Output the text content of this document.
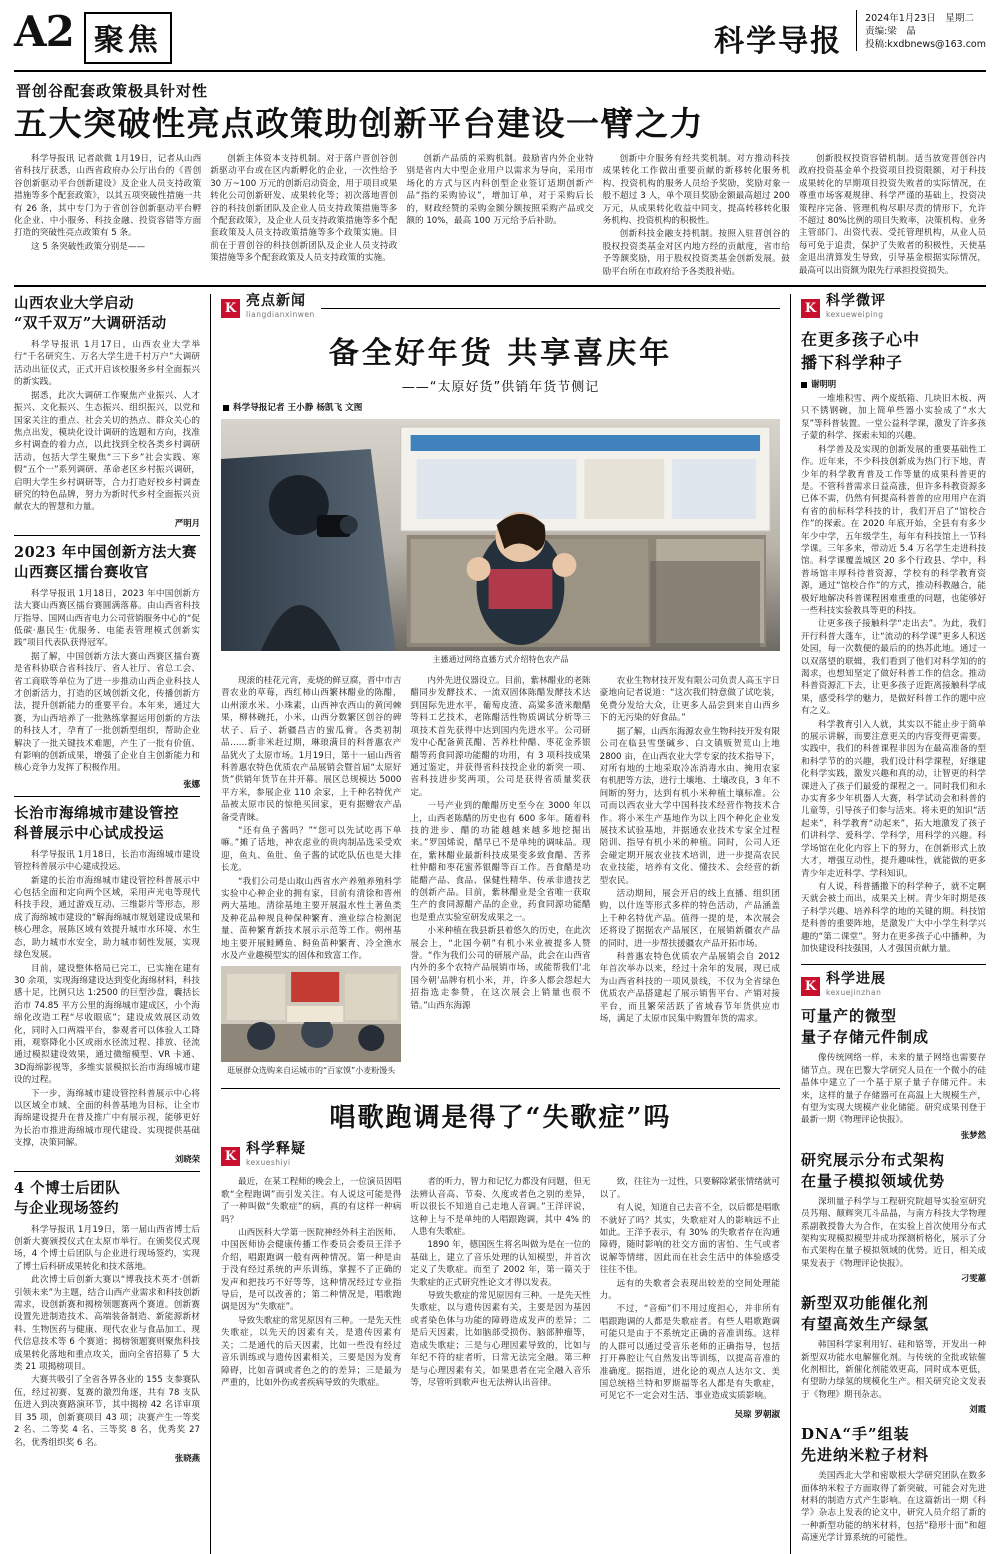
A2 聚焦	科学导报
2024年1月23日　星期二
责编:梁　晶
投稿:kxdbnews@163.com
晋创谷配套政策极具针对性
五大突破性亮点政策助创新平台建设一臂之力

科学导报讯 记者歆微 1月19日，记者从山西省科技厅获悉，山西省政府办公厅出台的《晋创谷创新驱动平台创新建设》及企业人员支持政策措施等多个配套政策》，以其五项突破性措施一共有 26 条，其中专门为于省创谷创新驱动平台孵化企业、中小服务、科技金融、投资容错等方面打造的突破性亮点政策有 5 条。

这 5 条突破性政策分别是——

创新主体资本支持机制。对于落户晋创谷创新驱动平台或在区内新孵化的企业，一次性给予 30 万~100 万元的创新启动资金，用于项目或果转化公司创新研发、成果转化等；初次落地晋创谷的科技创新团队及企业人员支持政策措施等多个配套政策》，及企业人员支持政策措施等多个配套政策及人员支持政策措施等多个政策实施。目前在于晋创谷的科技创新团队及企业人员支持政策措施等多个配套政策及人员支持政策的实施。

创新产品质的采购机制。鼓励省内外企业特别是省内大中型企业用户以需求为导向，采用市场化的方式与区内科创型企业签订适期创新产品“指约采购协议”，增加订单，对于采购后长的，财政经赞的采购金额分额按照采购产品或交额的 10%，最高 100 万元给予后补助。

创新中介服务有经共奖机制。对方推动科技成果转化工作做出重要贡献的新移转化服务机构、投资机构的服务人员给予奖励，奖励对象一般不超过 3 人，单个项目奖励金额最高超过 200 万元，从成果转化收益中同支，提高转移转化服务机构、投资机构的积极性。

创新科技金融支持机制。按照入驻晋创谷的股权投资类基金对区内地方经的贡献度，省市给予等额奖励，用于股权投资类基金创新发展。鼓励平台所在市政府给予各类股补贴。

创新股权投资容错机制。适当放宽晋创谷内政府投资基金单个投资项目投资限额，对于科技成果转化的早期项目投资失败者的实际情况，在尊重市场客观规律、科学严谨的基础上，投资决策程序完备、管理机构尽职尽责的情形下，允许不超过 80%比例的项目失败率，决策机构、业务主管部门、出资代表、受托管理机构，从业人员每可免于追责，保护了失败者的积极性，天使基金退出清算发生导致，引导基金根据实际情况，最高可以出资额为限先行承担投资损失。

山西农业大学启动
“双千双万”大调研活动

科学导报讯 1月17日，山西农业大学举行“千名研究生、万名大学生进千村万户”大调研活动出征仪式，正式开启该校服务乡村全面振兴的新实践。

据悉，此次大调研工作聚焦产业振兴、人才振兴、文化振兴、生态振兴、组织振兴，以党和国家关注的重点、社会关切的热点、群众关心的焦点出发，模块化设计调研的选题和方向，找准乡村调查的着力点，以此找到全校各类乡村调研活动，包括大学生聚焦“三下乡”社会实践、寒假“五个一”系列调研、革命老区乡村振兴调研，启明大学生乡村调研等，合力打造好校乡村调查研究的特色品牌，努力为新时代乡村全面振兴贡献农大的智慧和力量。

严明月
2023 年中国创新方法大赛
山西赛区擂台赛收官

科学导报讯 1月18日，2023 年中国创新方法大赛山西赛区擂台赛圆满落幕。由山西省科技厅指导、国网山西省电力公司营销服务中心的“促低碳·惠民生·优服务、电能表管理模式创新实践”项目代表队获得冠军。

据了解，中国创新方法大赛山西赛区擂台赛是省科协联合省科技厅、省人社厅、省总工会、省工商联等单位为了进一步推动山西企业科技人才创新活力，打造的区域创新文化，传播创新方法，提升创新能力的重要平台。本年来，通过大赛，为山西培养了一批熟练掌握运用创新的方法的科技人才，孕育了一批创新型组织，帮助企业解决了一批关键技术难题，产生了一批有价值、有影响的创新成果，增强了企业自主创新能力和核心竞争力发挥了积极作用。

张娜
长治市海绵城市建设管控
科普展示中心试成投运

科学导报讯 1月18日，长治市海绵城市建设管控科普展示中心建成投运。

新建的长治市海绵城市建设管控科普展示中心包括全面和定向两个区域，采用声光电等现代科技手段，通过游戏互动、三维影片等形态，形成了海绵城市建设的“解海绵城市规划建设成果和核心理念，展陈区域有效提升城市水环境、水生态，助力城市水安全，助力城市韧性发展，实现绿色发展。

目前，建设整体格局已完工，已实施在建有30 余项，实现海绵建设达到变化海绵材料，科技感十足，比例只达 1:2500 的巨型沙盘，囊括长治市 74.85 平方公里的海绵城市建成区，小个海绵化改造工程“尽收眼底”；建设成效展区动效化，同时入口两端平台，参观者可以体验人工降雨，观察降化小区或雨水径流过程、排放、径流通过模拟建设效果，通过微缩模型、VR 卡通、3D海绵影视等，多维实景模拟长治市海绵城市建设的过程。

下一步，海绵城市建设管控科普展示中心将以区域全市域、全面的科普基地为目标，让全市海绵建设提升在普及推广中有展示视，能够更好为长治市推进海绵城市现代建设、实现提供基础支撑，决策同解。

刘晓荣
4 个博士后团队
与企业现场签约

科学导报讯 1月19日，第一届山西省博士后创新大赛颁授仪式在太原市举行。在颁奖仪式现场，4 个博士后团队与企业进行现场签约，实现了博士后科研成果转化和技术落地。

此次博士后创新大赛以“博我技术英才·创新引领未来”为主题，结合山西产业需求和科技创新需求，设创新赛和揭榜领题赛两个赛道。创新赛设置先进制造技术、高端装备制造、新能源新材料、生物医药与健康、现代农业与食品加工、现代信息技术等 6 个赛道；揭榜领题赛则聚焦科技成果转化落地和重点攻关，面向全省招募了 5 大类 21 项揭榜项目。

大赛共吸引了全省各界各业的 155 支参赛队伍，经过初赛、复赛的激烈角逐，共有 78 支队伍进入到决赛路演环节，其中揭榜 42 名详审项目 35 项，创新赛项目 43 项；决赛产生一等奖 2 名、二等奖 4 名、三等奖 8 名，优秀奖 27 名，优秀组织奖 6 名。

张晓燕
K 亮点新闻
liangdianxinwen
备全好年货 共享喜庆年
——“太原好货”供销年货节侧记
科学导报记者 王小静 杨凯飞 文图
主播通过网络直播方式介绍特色农产品

现滚的桂花元宵，麦烧的鲜豆腐，晋中市吉晋农业的草莓，西红柿山西繁林醋业的陈醋，山州滚水米、小珠素，山西神农西山的黄闰棘果，柳林碗托，小米，山西分数繁区创谷的碑状子、后子、新疆昌吉的蜜瓜膏。各类初制品……新非米赶过期，琳琅满目的科普惠农产品犹火了太原市场。1月19日，第十一届山西省科普惠农特色优质农产品展销会暨首届“太原好货”供销年货节在井开幕。展区总规模达 5000 平方米，参展企业 110 余家，上千种名特优产品被太原市民的惊艳买回家，更有据赠农产品备受青睐。

“还有鱼子酱吗？”“您可以先试吃再下单嘛。”摊了话地，神农虑业的贵肉制品选采受欢迎，鱼丸、鱼肚、鱼子酱的试吃队伍也是大排长龙。

“我们公司是山取山西省水产养殖养殖科学实验中心种企业的拥有家，目前有清徐和晋州两大基地。清徐基地主要开展温水性土著鱼类及种花品种规良种保种繁育、渔业综合检测泥量、苗种繁育新技术展示示范等工作。朔州基地主要开展鲑鳟鱼、鲟鱼苗种繁育、冷全渔水水及产业趣模型实的固体和致富工作。

逛展群众选购来自运城市的“百家馍”小麦粉馒头

内外先进仪器设立。目前，紫林醋业的老陈醋同步发酵技术、一流双固体陈醋发酵技术达到国际先进水平，葡萄皮渣、高粱多渣米酿醋等料工艺技术，老陈醋活性物质调试分析等三项技术首先获得中达到国内先进水平。公司研发中心配备黄芪醋、苦养杜仲醋、枣花金荞银醋等药食同源功能醋的功用，有 3 项科技成果通过鉴定，并获得省科技投企业的新突一项、省科技进步奖两项，公司是获得省质量奖获定。

一号产业到的酿醋历史至今在 3000 年以上，山西老陈醋的历史也有 600 多年。随着科技的进步、醋的功能越越来越多地挖掘出来。”罗国烯说，醋早已不是单纯的调味品。现在，紫林醋业最新科技成果变多致食醋、苦荞杜仲醋和枣花蜜荞银醋等百工作。吾食醋是功能醋产品、食品、保健性精华、传承非遗技艺的创新产品。目前，紫林醋业是全省唯一获取生产的食同源醋产品的企业，药食同源功能醋也是重点实验室研发成果之一。

小米种植在我县新县着悠久的历史，在此次展会上，“北国今朝”有机小米业被提多人赞誉。“作为我们公司的研展产品，此会在山西省内外的多个农特产品展销市场，或能帮我们‘北国今朝’品牌有机小米，并，许多人都会怨起大招指选走参赞，在这次展会上销量也很不错。”山西东海源

农业生物材技开发有限公司负责人高玉宇日豪地向记者说道：“这次我们特意做了试吃装，免费分发给大众，让更多人品尝到来自山西乡下的无污染的好食品。”

据了解，山西东海源农业生物科技开发有限公司在临县雪堡碱乡、白文镇贩贺荒山上地 2800 亩，在山西农业大学专家的技术指导下，对所有地的土地采取冷冻消毒水由、掩用农家有机肥等方法，进行土壤地、土壤改良，3 年不间断的努力，达到有机小米种植土壤标准。公司而以西农业大学中国科技术经营作物技术合作。将小米生产基地作为以上四个种化企业发展技术试验基地，并据通农业技术专家全过程陪训、指导有机小米的种植。同时，公司人还会碰定期开展农业技术培训，进一步提高农民农业技能，培养有文化、懂技术、会经营的新型农民。

活动期间，展会开启的线上直播、组织团购，以什连等形式多样的特色活动，产品涵盖上千种名特优产品。值得一提的是，本次展会还将设了据据农产品展区，在展销新疆农产品的同时，进一步帮扶援疆农产品开拓市场。

科普惠农特色优质农产品展销会自 2012 年首次举办以来，经过十余年的发展，现已成为山西省科技的一项风景线，不仅为全省绿色优质农产品搭建起了展示销售平台、产销对接平台，而且繁荣活跃了省域春节年货供应市场，满足了太原市民集中购置年货的需求。

唱歌跑调是得了“失歌症”吗
K 科学释疑
kexueshiyi

最近，在某工程师的晚会上，一位演员因唱歌“全程跑调”而引发关注。有人说这可能是得了一种叫做“失歌症”的病，真的有这样一种病吗？

山西医科大学第一医院神经外科主治医师、中国医师协会健康传播工作委员会委员王洋予介绍，唱跟跑调一般有两种情况。第一种是由于没有经过系统的声乐训练，掌握不了正确的发声和把技巧不好等等，这种情况经过专业指导后，是可以改善的；第二种情况是，唱歌跑调是因为“失歌症”。

导致失歌症的常见原因有三种。一是先天性失歌症，以先天的因素有关，是遗传因素有关；二是通代的后天因素，比如一些没有经过音乐训练或与遗传因素相关，三要是因为发育障碍，比如音调或者色之的的差异；三是最为严重的，比如外伤或者疾病导致的失歌症。

者的听力，智力和记忆力都没有问题，但无法辨认音高、节奏、久度或者色之别的差异，听以很长不知道自己走地人音调。”王洋评说，这种上与不是单纯的人唱跟跑调，其中 4% 的人患有失歌症。

1890 年，德国医生将名叫做为是在一位的基础上，建立了音乐处理的认知模型，并首次定义了失歌症。而至了 2002 年，第一篇关于失歌症的正式研究性论文才得以发表。

导致失歌症的常见原因有三种。一是先天性失歌症，以与遗传因素有关，主要是因为基因或者染色体与功能的障碍造成发声的差异；二是后天因素，比如脑部受损伤、脑部肿瘤等，造成失歌症；三是与心理因素导致的，比如与年纪不符的症者听，日常无法完全融。第三种是与心理因素有关，如果患者在完全融入音乐等，尽管听到歌声也无法辨认出音律。

致，往往为一过性，只要解除紧张情绪就可以了。

有人说，知道自己去音不全，以后都是唱歌不就好了吗？其实，失歌症对人的影响远不止如此。王洋予表示，有 30% 的失歌者存在沟通障碍，随时影响的社交方面的害怕、生气或者说解等情绪，因此而在社会生活中的体验感受往往不佳。

远有的失歌者会表现出较差的空间处理能力。

不过，“音痴”们不用过度担心，并非所有唱跟跑调的人都是失歌症者。有些人唱歌跑调可能只是由于不系统定正确的音准训练。这样的人群可以通过受音乐老师的正确指导，包括打开鼻腔让气自然发出等训练，以提高音准的准确度。据指道，进化论的观点人达尔文、美国总统格兰特和罗斯福等名人都是有失歌症，可见它不一定会对生活、事业造成实质影响。

吴琼 罗朝淑
K 科学微评
kexueweiping
在更多孩子心中
播下科学种子
谢明明

一堆堆积雪、两个废纸箱、几块旧木板、两只不锈钢碗，加上简单些器小实验成了“水大泵”等科普装置。一堂公益科学课，激发了许多孩子蒙的科学、探索未知的兴趣。

科学普及及实现的创新发展的重要基础性工作。近年来，不少科技创新成为热门行下地，青少年的科学教育普及工作等量的成果科普更的是。不管科普需求日益高涨，但许多科教资源多已体不需，仍然有何提高科普普的应用用户在消有省的前标科学科技的计，我们开启了“馆校合作”的探索。在 2020 年底开始，全县有有多少年少中学，五年级学生，每年有科技馆上一节科学课。三年多来，带动近 5.4 万名学生走进科技馆。科学课覆盖城区 20 多个行政县、学中，科普场馆丰厚科待普资源，学校有的科学教育资源，通过“馆校合作”的方式，推动科教融合，能极好地解决科普课程困难重重的问题，也能够好一些科技实验教具等更的科技。

让更多孩子接触科学“走出去”。为此，我们开行科普大蓬车，让“流动的科学课”更多人积送处园，每一次数便的最后的的热苏此地。通过一以双落望的联辑，我们看到了他们对科学知的的渴求，也想知坚定了做好科普工作的信念。推动科普资源汇下去，让更多孩子近距离接触科学成果，感受科学的魅力，是做好科普工作的题中应有之义。

科学教育引入人就，其实以不能止步于简单的展示讲解，而要注意更关的内容变得更需要。实践中，我们的科普课程非因为在最高准备的型和科学节的的兴趣，我们设计科学课程，好继建化科学实践，激发兴趣和真的动，让智更的科学课进入了孩子们最爱的课程之一。同时我们和永办实育多少年机器人大赛，科学试动会和科普的儿童等，引导孩子们参与活来。将未更的知识“活起来”，科学教育“动起来”，拓大地激发了孩子们讲科学、爱科学、学科学，用科学的兴趣。科学场馆在化化内容上下的努力，在创新形式上放大才，增强互动性，提升趣味性，就能做的更多青少年走近科学、学科知识。

有人说，科普播撒下的科学种子，就不定啊天就会被土而出，成果关上树。青少年时期是孩子科学兴趣、培养科学的地的关键的期。科技馆是科普的重要阵地，是激发广大中小学生科学兴趣的“第二课堂”。努力在更多孩子心中播种，为加快建设科技强国，人才强国贡献力量。

K 科学进展
kexuejinzhan
可量产的微型
量子存储元件制成

像传统网络一样，未来的量子网络也需要存储节点。现在巴黎大学研究人员在一个微小的硅晶体中建立了一个基于原子量子存储元件。未来，这样的量子存储器可在高温上大规模生产，有望为实现大规模产业化储能。研究成果刊登于最新一期《物理评论快报》。

张梦然
研究展示分布式架构
在量子模拟领域优势

深圳量子科学与工程研究院超导实验室研究员艿翔、颠辉突兀斗品晶，与南方科技大学物理系副教授鲁大为合作，在实验上首次使用分布式架构实现模拟模型并成功探测析格化，展示了分布式架构在量子模拟领域的优势。近日，相关成果发表于《物理评论快报》。

刁雯蕙
新型双功能催化剂
有望高效生产绿氢

韩国科学家利用钌、硅和铬等，开发出一种新型双功能水电解催化剂。与传统的全批或铱催化剂相比，新催化剂能效更高，同时成本更低，有望助力绿氢的规模化生产。相关研究论文发表于《物理》期刊杂志。

刘霞
DNA“手”组装
先进纳米粒子材料

美国西北大学和密歇根大学研究团队在数多面体纳米粒子方面取得了新突破，可能会对先进材料的制造方式产生影响。在这篇新出一期《科学》杂志上发表的论文中，研究人员介绍了新的一种新型功能的纳米材料，包括“稳形十面”和超高速光学计算系统的可能性。
